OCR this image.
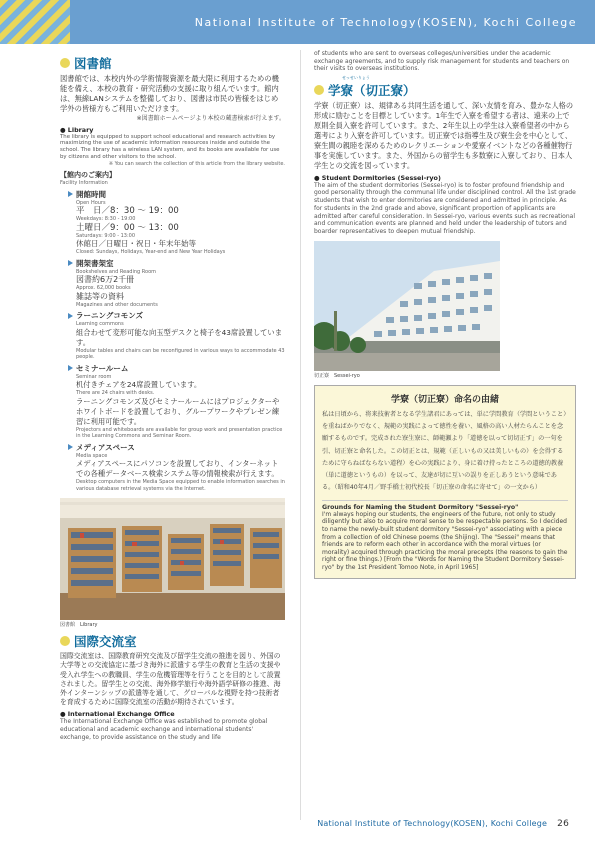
National Institute of Technology(KOSEN), Kochi College
図書館

図書館では、本校内外の学術情報資源を最大限に利用するための機能を備え、本校の教育・研究活動の支援に取り組んでいます。館内は、無線LANシステムを整備しており、図書は市民の皆様をはじめ学外の皆様方もご利用いただけます。

※図書館ホームページより本校の蔵書検索が行えます。

● Library

The library is equipped to support school educational and research activities by maximizing the use of academic information resources inside and outside the school. The library has a wireless LAN system, and its books are available for use by citizens and other visitors to the school.

※ You can search the collection of this article from the library website.

【館内のご案内】

Facility Information

開館時間

Open Hours

平　日／8：30 ～ 19：00

Weekdays: 8:30 - 19:00

土曜日／9：00 ～ 13：00

Saturdays: 9:00 - 13:00

休館日／日曜日・祝日・年末年始等

Closed: Sundays, Holidays, Year-end and New Year Holidays

開架書架室

Bookshelves and Reading Room

図書約6万2千冊

Approx. 62,000 books

雑誌等の資料

Magazines and other documents

ラーニングコモンズ

Learning commons

組合わせて変形可能な向玉型デスクと椅子を43席設置しています。

Modular tables and chairs can be reconfigured in various ways to accommodate 43 people.

セミナールーム

Seminar room

机付きチェアを24席設置しています。

There are 24 chairs with desks.

ラーニングコモンズ及びセミナールームにはプロジェクターやホワイトボードを設置しており、グループワークやプレゼン練習に利用可能です。

Projectors and whiteboards are available for group work and presentation practice in the Learning Commons and Seminar Room.

メディアスペース

Media space

メディアスペースにパソコンを設置しており、インターネットでの各種データベース検索システム等の情報検索が行えます。

Desktop computers in the Media Space equipped to enable information searches in various database retrieval systems via the Internet.

図書館　Library
国際交流室

国際交流室は、国際教育研究交流及び留学生交流の推進を図り、外国の大学等との交流協定に基づき海外に派遣する学生の教育と生活の支援や受入れ学生への教職員、学生の危機管理等を行うことを目的として設置されました。留学生との交流、海外修学旅行や海外語学研修の推進、海外インターンシップの派遣等を通して、グローバルな視野を持つ技術者を育成するために国際交流室の活動が期待されています。

● International Exchange Office

The International Exchange Office was established to promote global educational and academic exchange and international students' exchange, to provide assistance on the study and life

of students who are sent to overseas colleges/universities under the academic exchange agreements, and to supply risk management for students and teachers on their visits to overseas institutions.

せっせいりょう
学寮（切正寮）

学寮（切正寮）は、規律ある共同生活を通して、深い友情を育み、豊かな人格の形成に励むことを目標としています。1年生で入寮を希望する者は、遠来の上で原則全員入寮を許可しています。また、2年生以上の学生は入寮希望者の中から選考により入寮を許可しています。切正寮では指導生及び寮生会を中心として、寮生間の親睦を深めるためのレクリエーションや愛寮イベントなどの各種催物行事を実施しています。また、外国からの留学生も多数寮に入寮しており、日本人学生との交流を図っています。

● Student Dormitories (Sessei-ryo)

The aim of the student dormitories (Sessei-ryo) is to foster profound friendship and good personality through the communal life under disciplined control. All the 1st grade students that wish to enter dormitories are considered and admitted in principle. As for students in the 2nd grade and above, significant proportion of applicants are admitted after careful consideration. In Sessei-ryo, various events such as recreational and communication events are planned and held under the leadership of tutors and boarder representatives to deepen mutual friendship.

切正寮　Sessei-ryo
学寮（切正寮）命名の由緒

私は日頃から、将来技術者となる学生諸君にあっては、単に学問教育（学問ということ）を重ねばかりでなく、規範の実践によって徳性を養い、風格の高い人材たらんことを念願するものです。完成された寮生寮に、師範瀬より「道徳を以って切切正す」の一句を引、切正寮と命名した。この切正とは、規範（正しいもの又は美しいもの）を会得するために守らねばならない道程）を心の実践により、身に着け持ったところの道徳的教養（単に道徳というもの）を以って、友達が切に互いの誤りを正しあうという意味である。（昭和40年4月／野手橋士初代校長「切正寮の命名に寄せて」の一文から）

Grounds for Naming the Student Dormitory "Sessei-ryo"

I'm always hoping our students, the engineers of the future, not only to study diligently but also to acquire moral sense to be respectable persons. So I decided to name the newly-built student dormitory "Sessei-ryo" associating with a piece from a collection of old Chinese poems (the Shijing). The "Sessei" means that friends are to reform each other in accordance with the moral virtues (or morality) acquired through practicing the moral precepts (the reasons to gain the right or fine things.) [From the "Words for Naming the Student Dormitory Sessei-ryo" by the 1st President Tomoo Note, in April 1965]

National Institute of Technology(KOSEN), Kochi College 26
